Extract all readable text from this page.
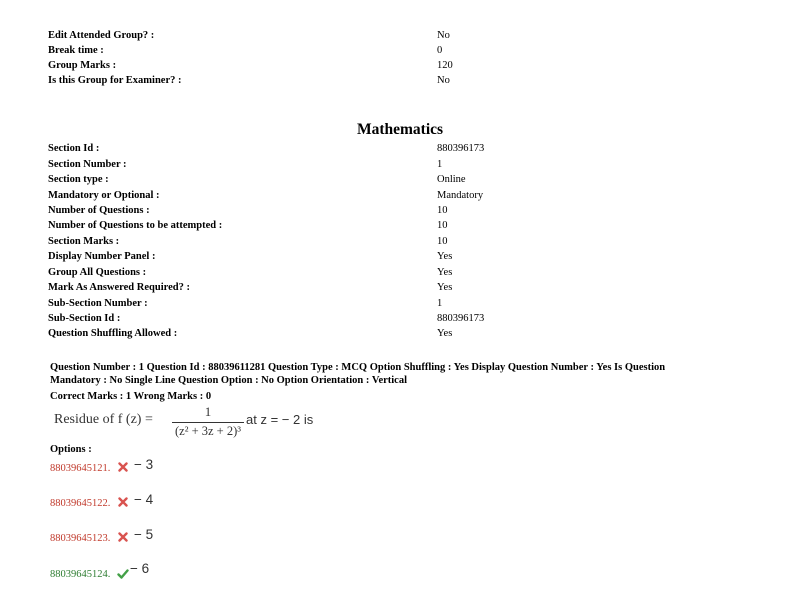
Edit Attended Group? :	No
Break time :	0
Group Marks :	120
Is this Group for Examiner? :	No
Mathematics
Section Id :	880396173
Section Number :	1
Section type :	Online
Mandatory or Optional :	Mandatory
Number of Questions :	10
Number of Questions to be attempted :	10
Section Marks :	10
Display Number Panel :	Yes
Group All Questions :	Yes
Mark As Answered Required? :	Yes
Sub-Section Number :	1
Sub-Section Id :	880396173
Question Shuffling Allowed :	Yes
Question Number : 1 Question Id : 88039611281 Question Type : MCQ Option Shuffling : Yes Display Question Number : Yes Is Question
Mandatory : No Single Line Question Option : No Option Orientation : Vertical
Correct Marks : 1 Wrong Marks : 0
Residue of f (z) =
1
(z² + 3z + 2)³
at z = − 2 is
Options :
88039645121. − 3
88039645122. − 4
88039645123. − 5
88039645124. − 6
